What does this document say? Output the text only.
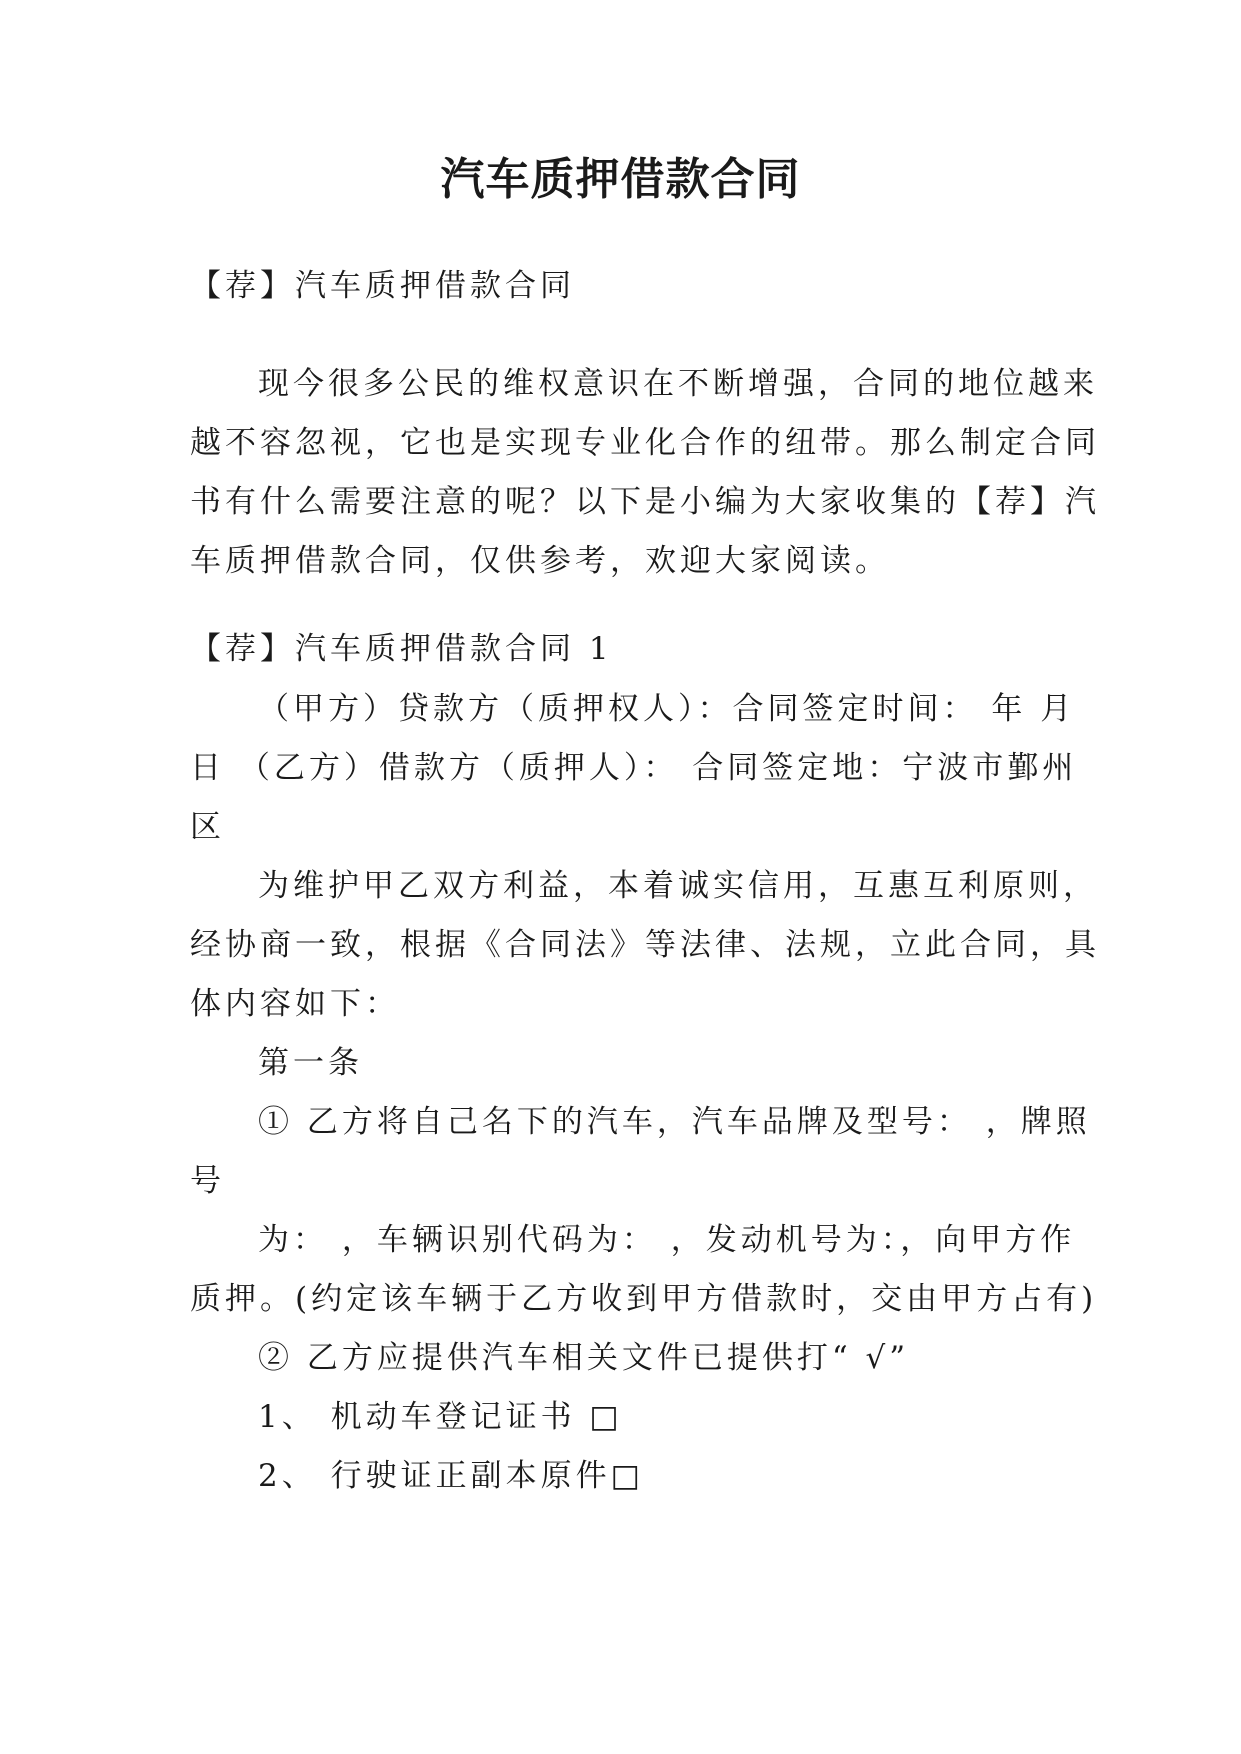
汽车质押借款合同
【荐】汽车质押借款合同
现今很多公民的维权意识在不断增强，合同的地位越来
越不容忽视，它也是实现专业化合作的纽带。那么制定合同
书有什么需要注意的呢？以下是小编为大家收集的【荐】汽
车质押借款合同，仅供参考，欢迎大家阅读。
【荐】汽车质押借款合同 1
（甲方）贷款方（质押权人）：合同签定时间： 年 月
日 （乙方）借款方（质押人）： 合同签定地：宁波市鄞州
区
为维护甲乙双方利益，本着诚实信用，互惠互利原则，
经协商一致，根据《合同法》等法律、法规，立此合同，具
体内容如下：
第一条
① 乙方将自己名下的汽车，汽车品牌及型号： ，牌照
号
为： ，车辆识别代码为： ，发动机号为：，向甲方作
质押。(约定该车辆于乙方收到甲方借款时，交由甲方占有)
② 乙方应提供汽车相关文件已提供打“ √”
1、 机动车登记证书 □
2、 行驶证正副本原件□
